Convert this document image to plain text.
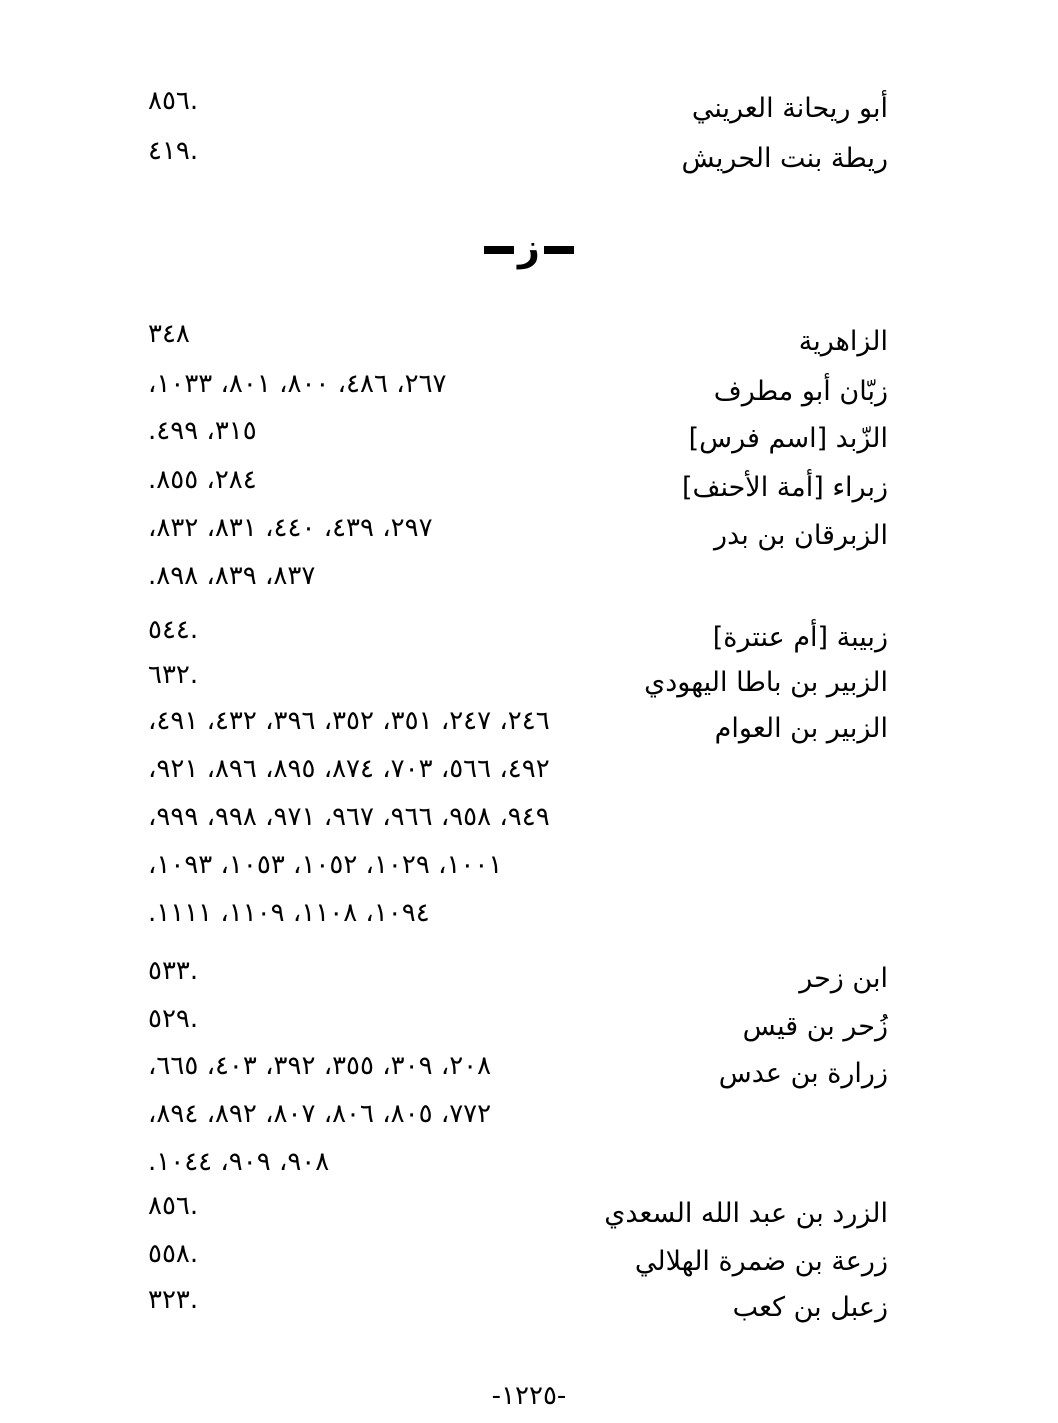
ز
أبو ريحانة العريني
.٨٥٦
ريطة بنت الحريش
.٤١٩
الزاهرية
٣٤٨
زبّان أبو مطرف
٢٦٧، ٤٨٦، ٨٠٠، ٨٠١، ١٠٣٣،
الزّبد [اسم فرس]
٣١٥، ٤٩٩.
زبراء [أمة الأحنف]
٢٨٤، ٨٥٥.
الزبرقان بن بدر
٢٩٧، ٤٣٩، ٤٤٠، ٨٣١، ٨٣٢،
٨٣٧، ٨٣٩، ٨٩٨.
زبيبة [أم عنترة]
.٥٤٤
الزبير بن باطا اليهودي
.٦٣٢
الزبير بن العوام
٢٤٦، ٢٤٧، ٣٥١، ٣٥٢، ٣٩٦، ٤٣٢، ٤٩١،
٤٩٢، ٥٦٦، ٧٠٣، ٨٧٤، ٨٩٥، ٨٩٦، ٩٢١،
٩٤٩، ٩٥٨، ٩٦٦، ٩٦٧، ٩٧١، ٩٩٨، ٩٩٩،
١٠٠١، ١٠٢٩، ١٠٥٢، ١٠٥٣، ١٠٩٣،
١٠٩٤، ١١٠٨، ١١٠٩، ١١١١.
ابن زحر
.٥٣٣
زُحر بن قيس
.٥٢٩
زرارة بن عدس
٢٠٨، ٣٠٩، ٣٥٥، ٣٩٢، ٤٠٣، ٦٦٥،
٧٧٢، ٨٠٥، ٨٠٦، ٨٠٧، ٨٩٢، ٨٩٤،
٩٠٨، ٩٠٩، ١٠٤٤.
الزرد بن عبد الله السعدي
.٨٥٦
زرعة بن ضمرة الهلالي
.٥٥٨
زعبل بن كعب
.٣٢٣
-١٢٢٥-
